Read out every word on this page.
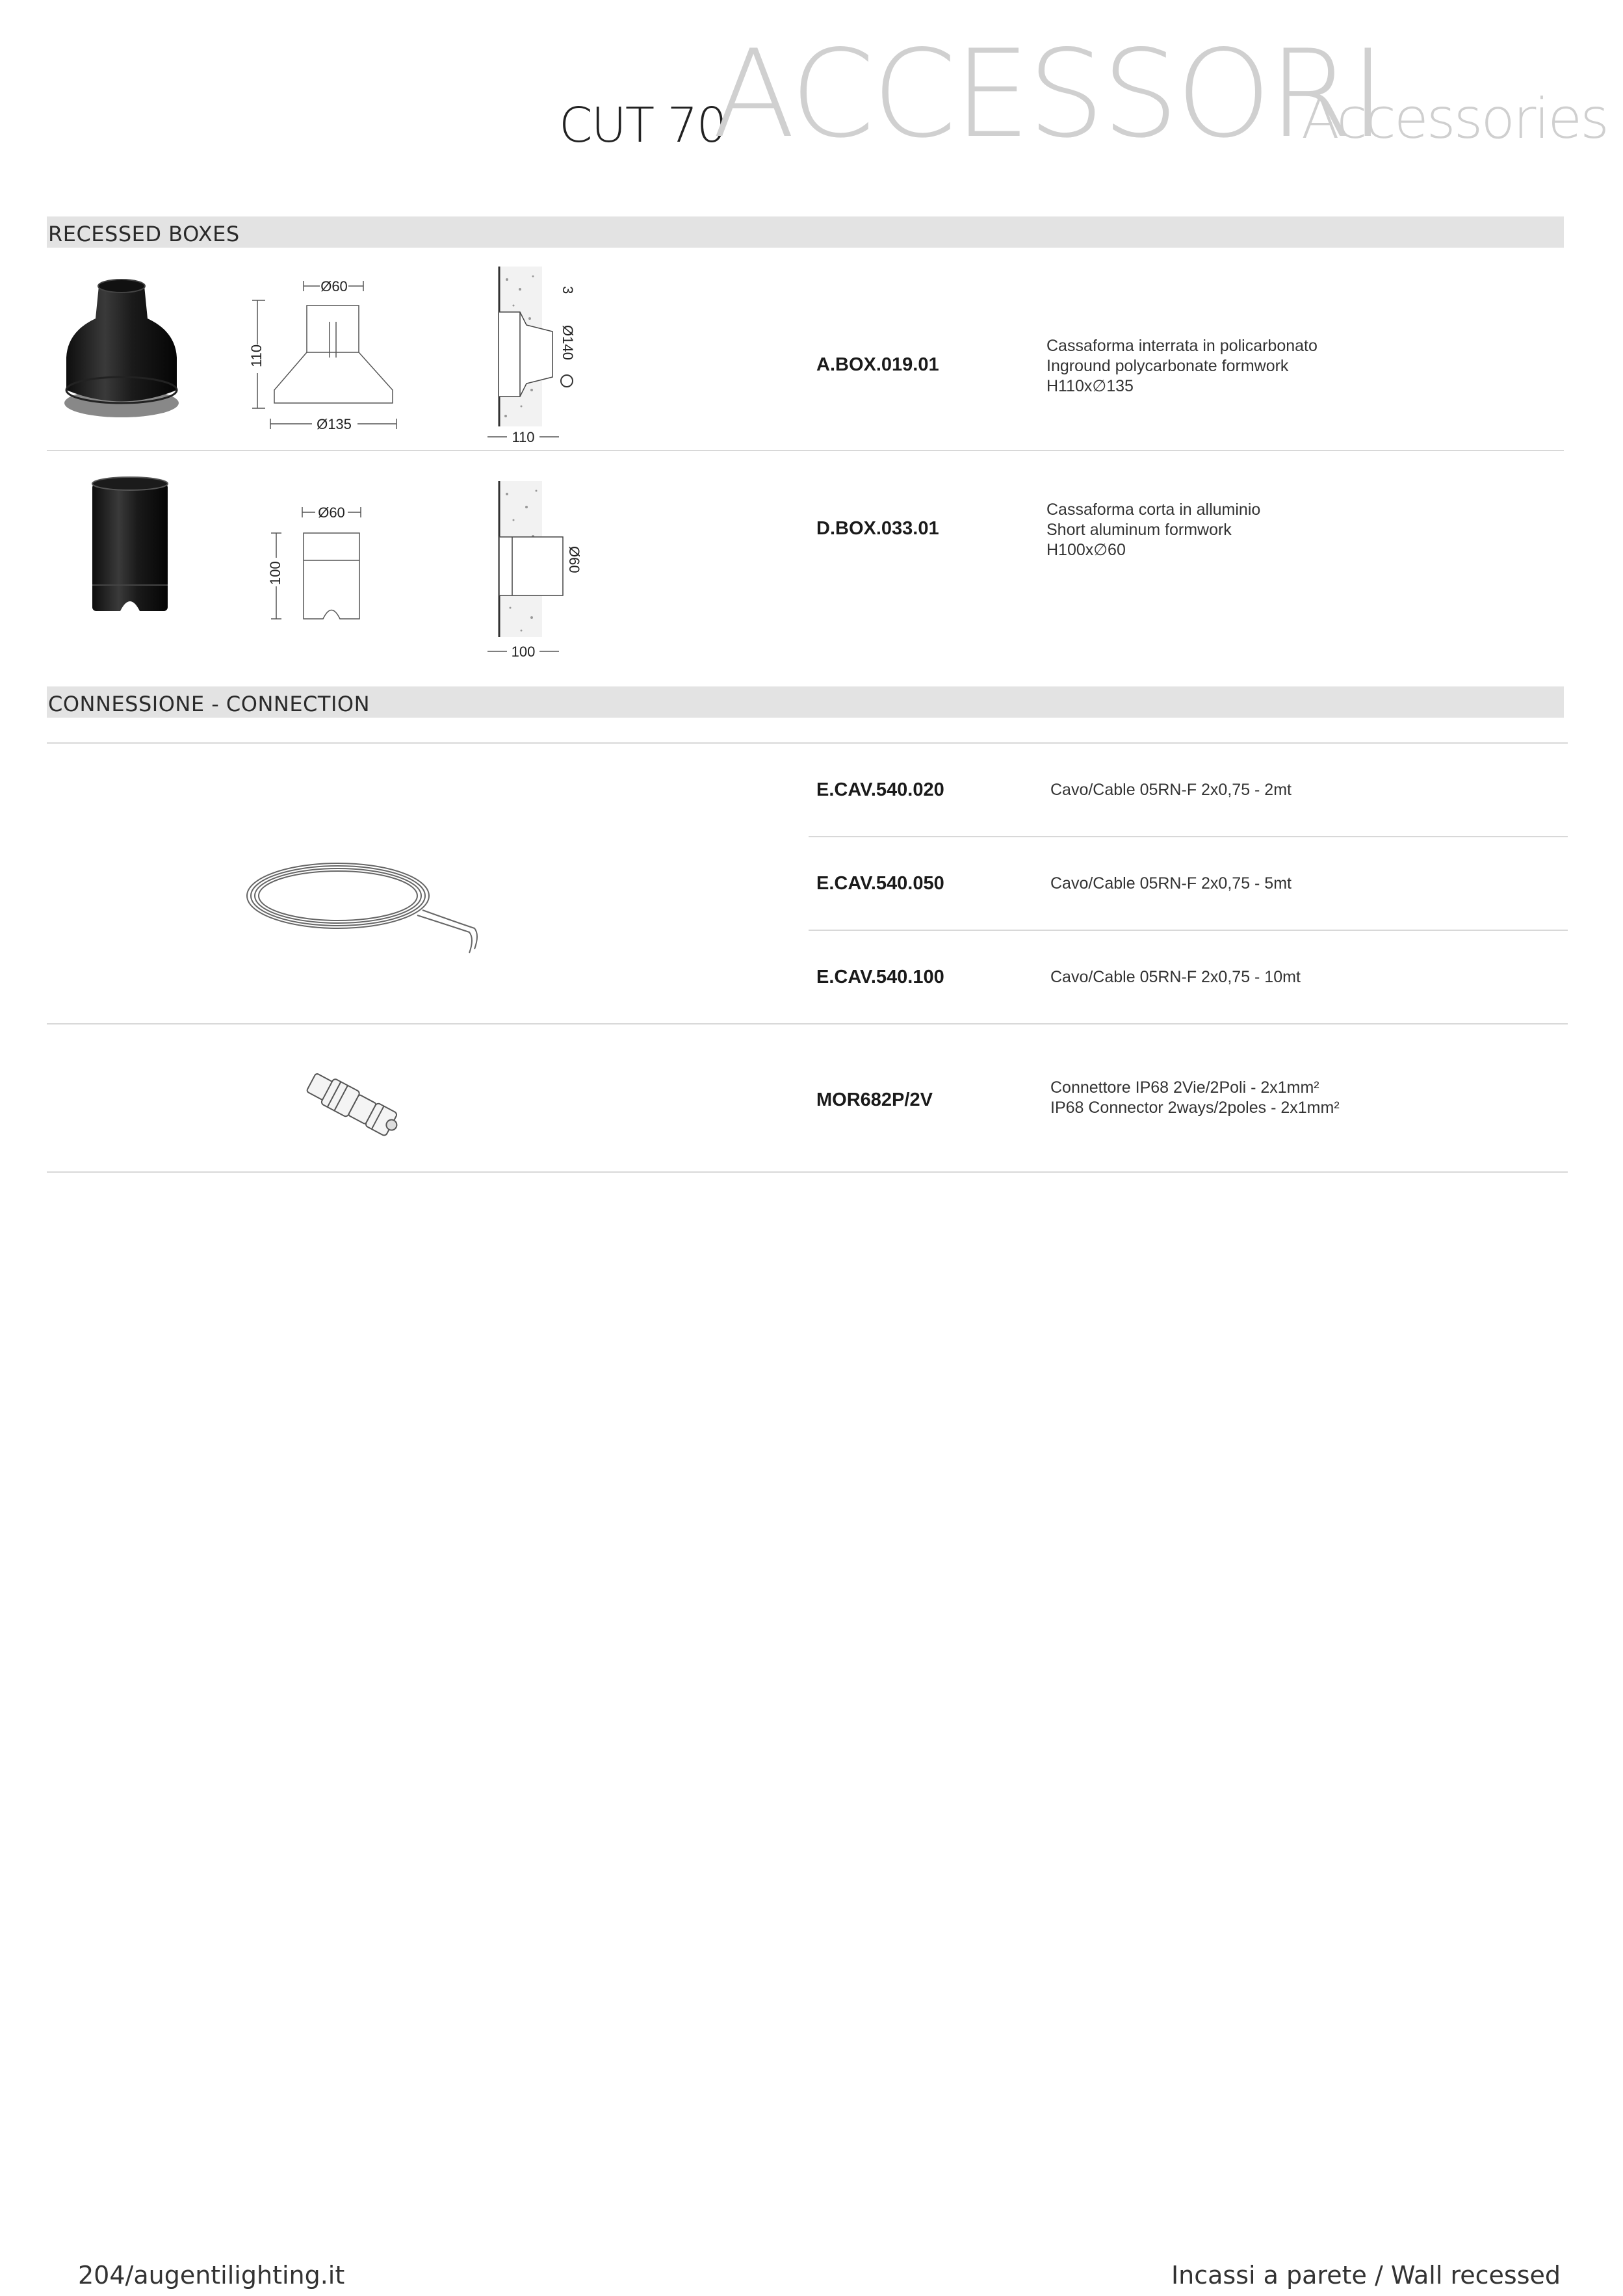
CUT 70
ACCESSORI
Accessories
RECESSED BOXES
Ø60
110
Ø135
110
3
Ø140
A.BOX.019.01
Cassaforma interrata in policarbonato
Inground polycarbonate formwork
H110x∅135
Ø60
100
100
Ø60
D.BOX.033.01
Cassaforma corta in alluminio
Short aluminum formwork
H100x∅60
CONNESSIONE - CONNECTION
E.CAV.540.020	Cavo/Cable 05RN-F 2x0,75 - 2mt
E.CAV.540.050	Cavo/Cable 05RN-F 2x0,75 - 5mt
E.CAV.540.100	Cavo/Cable 05RN-F 2x0,75 - 10mt
MOR682P/2V
Connettore IP68 2Vie/2Poli - 2x1mm²
IP68 Connector 2ways/2poles - 2x1mm²
204/augentilighting.it	Incassi a parete / Wall recessed
